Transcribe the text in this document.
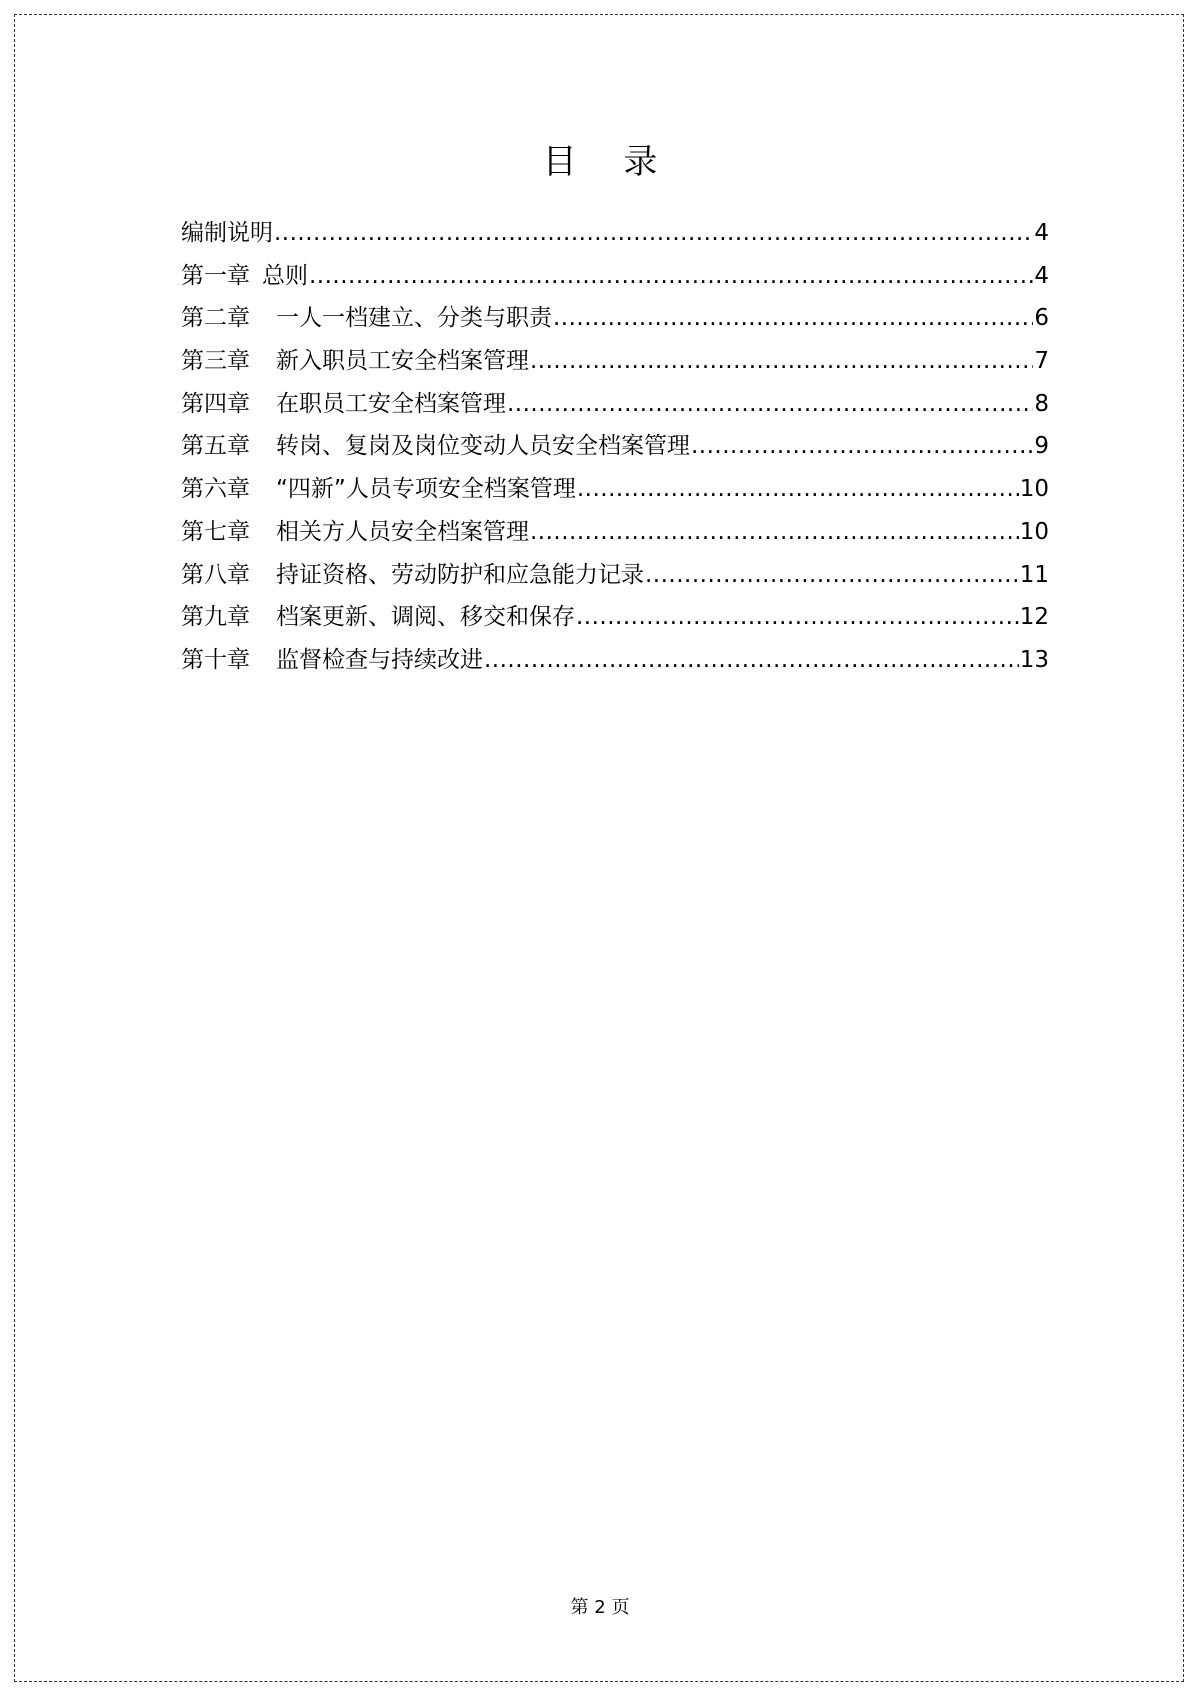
目 录
编制说明 .....	4
第一章 总则 .....	4
第二章 一人一档建立、分类与职责 .....	6
第三章 新入职员工安全档案管理 .....	7
第四章 在职员工安全档案管理 .....	8
第五章 转岗、复岗及岗位变动人员安全档案管理 .....	9
第六章 “四新”人员专项安全档案管理 .....	10
第七章 相关方人员安全档案管理 .....	10
第八章 持证资格、劳动防护和应急能力记录 .....	11
第九章 档案更新、调阅、移交和保存 .....	12
第十章 监督检查与持续改进 .....	13
第 2 页
